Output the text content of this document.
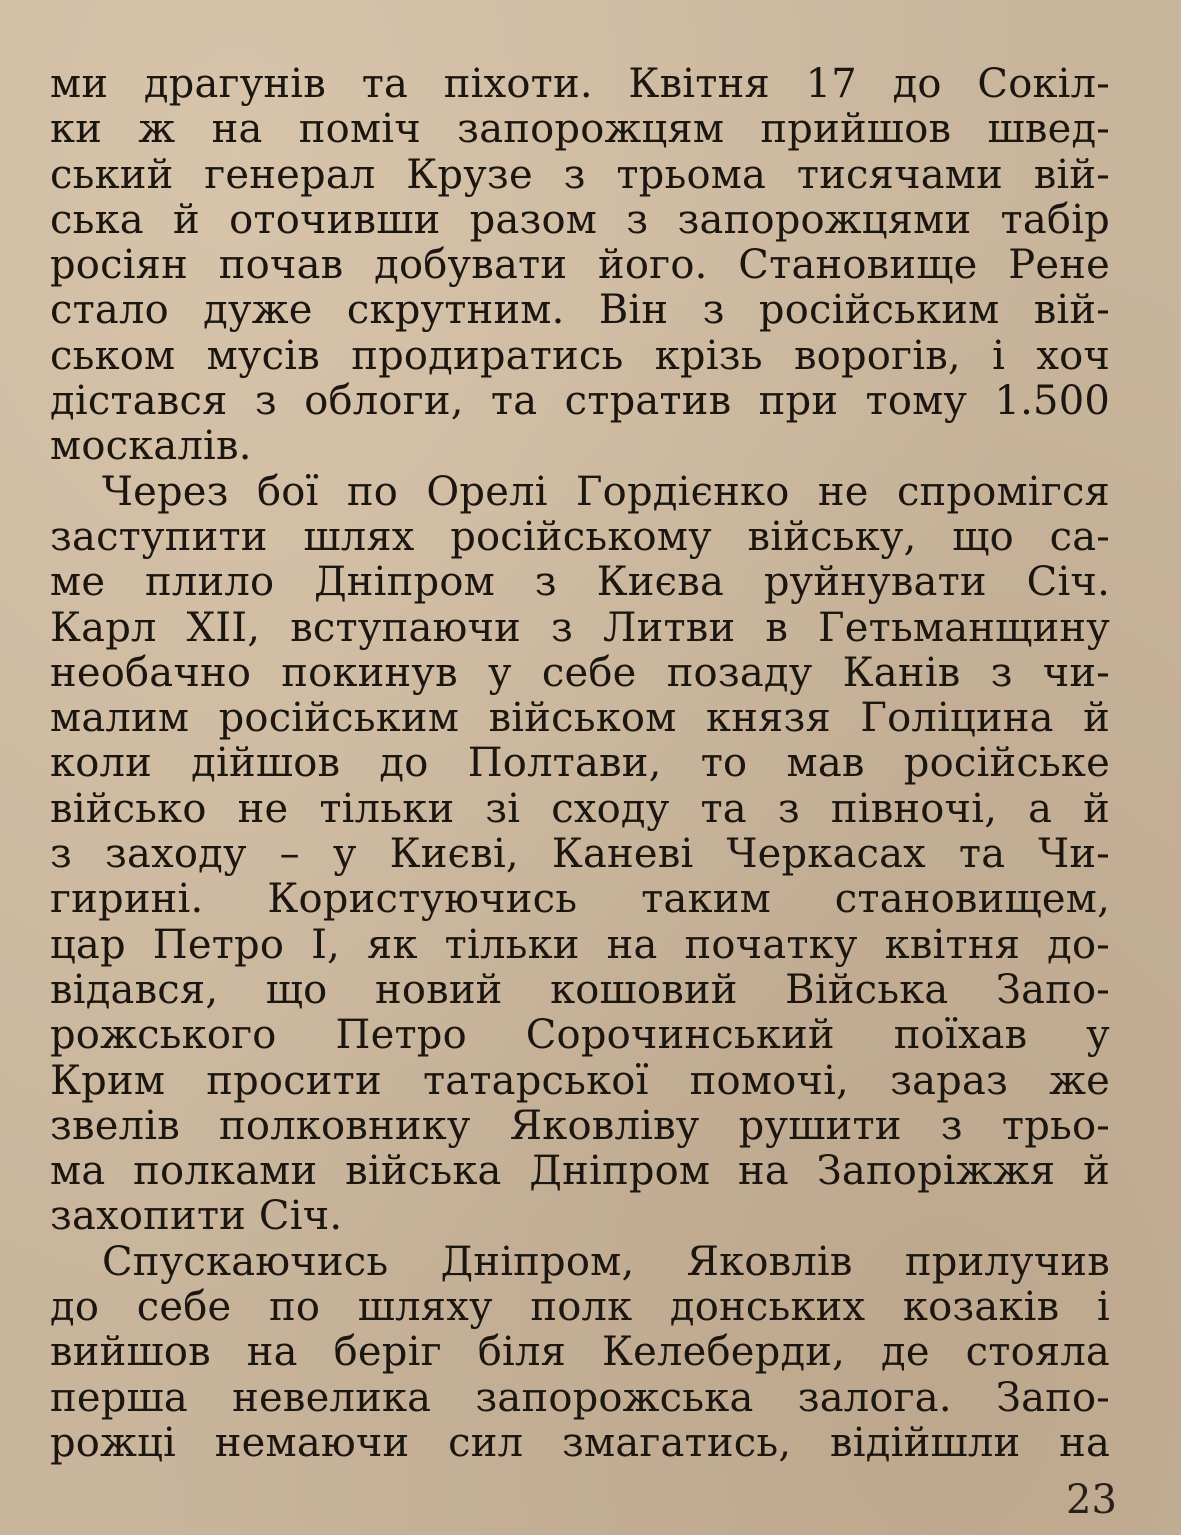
ми драгунів та піхоти. Квітня 17 до Сокіл-
ки ж на поміч запорожцям прийшов швед-
ський генерал Крузе з трьома тисячами вій-
ська й оточивши разом з запорожцями табір
росіян почав добувати його. Становище Рене
стало дуже скрутним. Він з російським вій-
ськом мусів продиратись крізь ворогів, і хоч
дістався з облоги, та стратив при тому 1.500
москалів.
Через бої по Орелі Гордієнко не спромігся
заступити шлях російському війську, що са-
ме плило Дніпром з Києва руйнувати Січ.
Карл XII, вступаючи з Литви в Гетьманщину
необачно покинув у себе позаду Канів з чи-
малим російським військом князя Голіцина й
коли дійшов до Полтави, то мав російське
військо не тільки зі сходу та з півночі, а й
з заходу – у Києві, Каневі Черкасах та Чи-
гирині. Користуючись таким становищем,
цар Петро І, як тільки на початку квітня до-
відався, що новий кошовий Війська Запо-
рожського Петро Сорочинський поїхав у
Крим просити татарської помочі, зараз же
звелів полковнику Яковліву рушити з трьо-
ма полками війська Дніпром на Запоріжжя й
захопити Січ.
Спускаючись Дніпром, Яковлів прилучив
до себе по шляху полк донських козаків і
вийшов на беріг біля Келеберди, де стояла
перша невелика запорожська залога. Запо-
рожці немаючи сил змагатись, відійшли на
23
